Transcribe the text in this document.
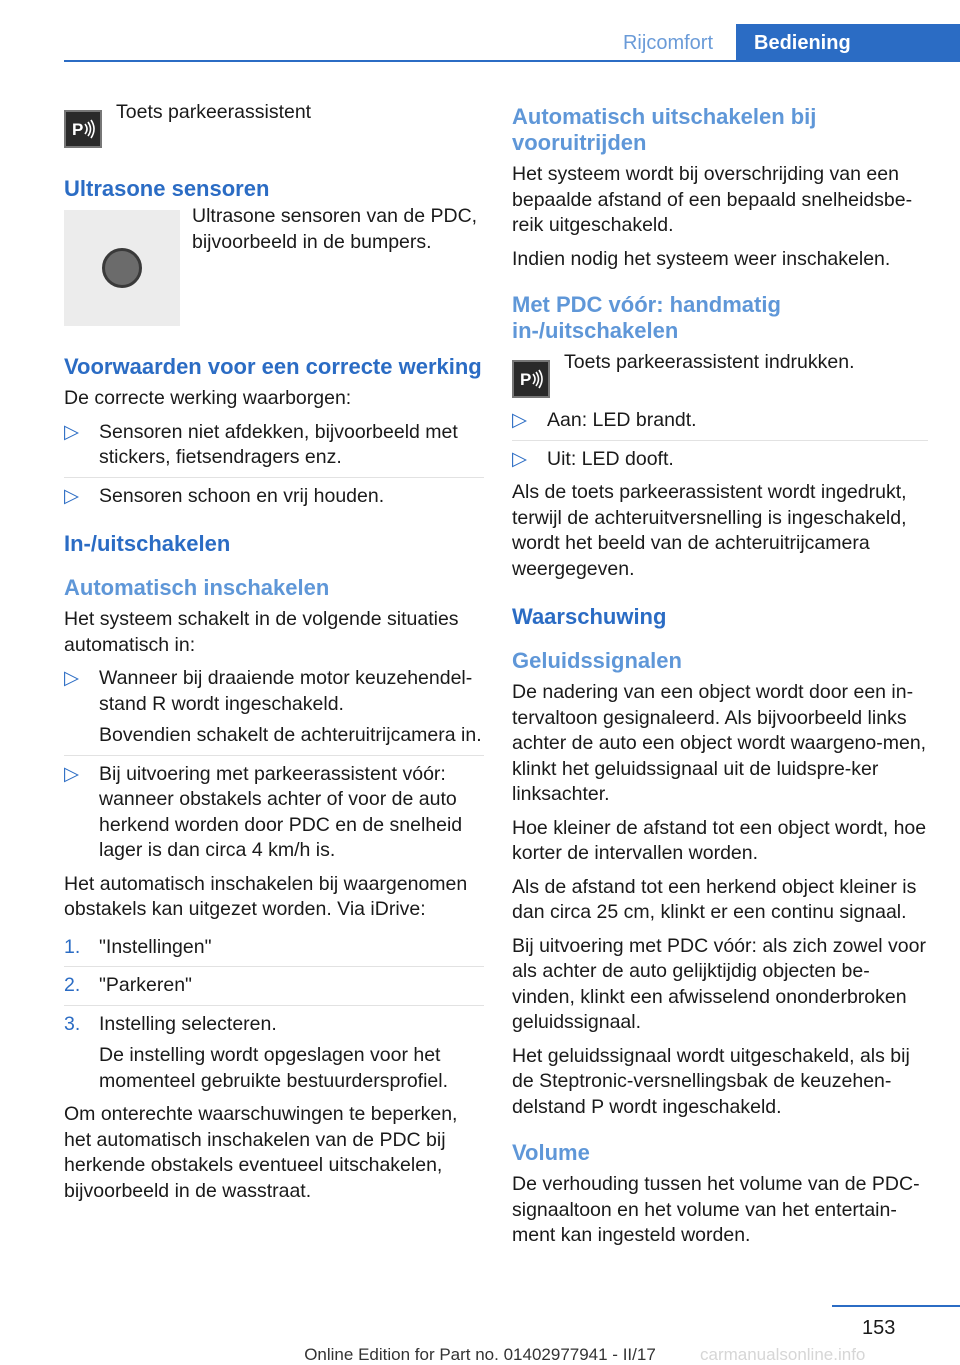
Rijcomfort	Bediening
P

Toets parkeerassistent

Ultrasone sensoren

Ultrasone sensoren van de PDC, bijvoorbeeld in de bumpers.

Voorwaarden voor een correcte werking

De correcte werking waarborgen:

▷ Sensoren niet afdekken, bijvoorbeeld met stickers, fietsendragers enz.
▷ Sensoren schoon en vrij houden.
In-/uitschakelen
Automatisch inschakelen

Het systeem schakelt in de volgende situaties automatisch in:

▷ Wanneer bij draaiende motor keuzehendel-stand R wordt ingeschakeld.
Bovendien schakelt de achteruitrijcamera in.
▷ Bij uitvoering met parkeerassistent vóór: wanneer obstakels achter of voor de auto herkend worden door PDC en de snelheid lager is dan circa 4 km/h is.

Het automatisch inschakelen bij waargenomen obstakels kan uitgezet worden. Via iDrive:

1. "Instellingen"
2. "Parkeren"
3. Instelling selecteren.
De instelling wordt opgeslagen voor het momenteel gebruikte bestuurdersprofiel.

Om onterechte waarschuwingen te beperken, het automatisch inschakelen van de PDC bij herkende obstakels eventueel uitschakelen, bijvoorbeeld in de wasstraat.

Automatisch uitschakelen bij vooruitrijden

Het systeem wordt bij overschrijding van een bepaalde afstand of een bepaald snelheidsbe-reik uitgeschakeld.

Indien nodig het systeem weer inschakelen.

Met PDC vóór: handmatig in-/uitschakelen
P

Toets parkeerassistent indrukken.

▷ Aan: LED brandt.
▷ Uit: LED dooft.

Als de toets parkeerassistent wordt ingedrukt, terwijl de achteruitversnelling is ingeschakeld, wordt het beeld van de achteruitrijcamera weergegeven.

Waarschuwing
Geluidssignalen

De nadering van een object wordt door een in-tervaltoon gesignaleerd. Als bijvoorbeeld links achter de auto een object wordt waargeno-men, klinkt het geluidssignaal uit de luidspre-ker linksachter.

Hoe kleiner de afstand tot een object wordt, hoe korter de intervallen worden.

Als de afstand tot een herkend object kleiner is dan circa 25 cm, klinkt er een continu signaal.

Bij uitvoering met PDC vóór: als zich zowel voor als achter de auto gelijktijdig objecten be-vinden, klinkt een afwisselend ononderbroken geluidssignaal.

Het geluidssignaal wordt uitgeschakeld, als bij de Steptronic-versnellingsbak de keuzehen-delstand P wordt ingeschakeld.

Volume

De verhouding tussen het volume van de PDC-signaaltoon en het volume van het entertain-ment kan ingesteld worden.

153
carmanualsonline.info
Online Edition for Part no. 01402977941 - II/17
